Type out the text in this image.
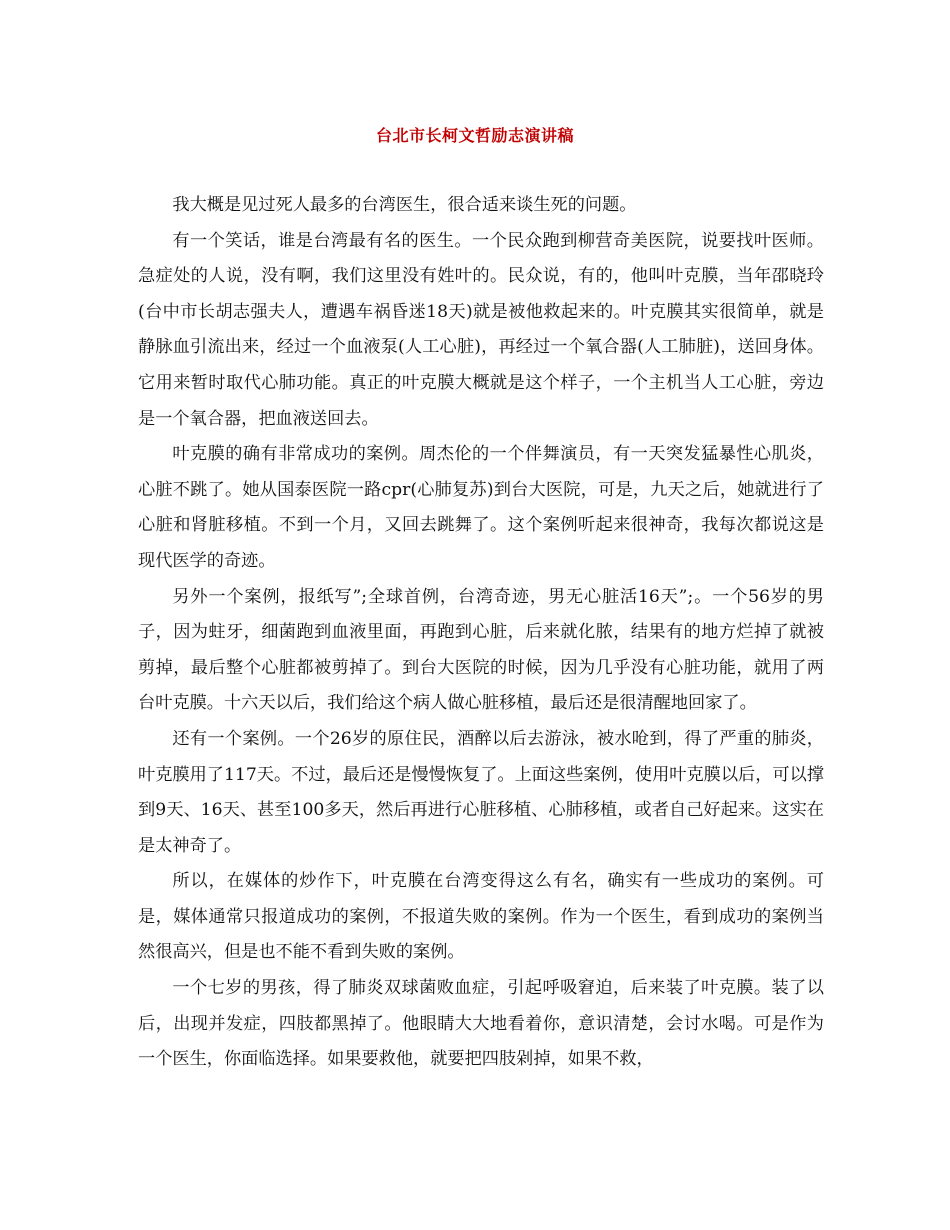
台北市长柯文哲励志演讲稿

我大概是见过死人最多的台湾医生，很合适来谈生死的问题。

有一个笑话，谁是台湾最有名的医生。一个民众跑到柳营奇美医院，说要找叶医师。急症处的人说，没有啊，我们这里没有姓叶的。民众说，有的，他叫叶克膜，当年邵晓玲(台中市长胡志强夫人，遭遇车祸昏迷18天)就是被他救起来的。叶克膜其实很简单，就是静脉血引流出来，经过一个血液泵(人工心脏)，再经过一个氧合器(人工肺脏)，送回身体。它用来暂时取代心肺功能。真正的叶克膜大概就是这个样子，一个主机当人工心脏，旁边是一个氧合器，把血液送回去。

叶克膜的确有非常成功的案例。周杰伦的一个伴舞演员，有一天突发猛暴性心肌炎，心脏不跳了。她从国泰医院一路cpr(心肺复苏)到台大医院，可是，九天之后，她就进行了心脏和肾脏移植。不到一个月，又回去跳舞了。这个案例听起来很神奇，我每次都说这是现代医学的奇迹。

另外一个案例，报纸写”;全球首例，台湾奇迹，男无心脏活16天”;。一个56岁的男子，因为蛀牙，细菌跑到血液里面，再跑到心脏，后来就化脓，结果有的地方烂掉了就被剪掉，最后整个心脏都被剪掉了。到台大医院的时候，因为几乎没有心脏功能，就用了两台叶克膜。十六天以后，我们给这个病人做心脏移植，最后还是很清醒地回家了。

还有一个案例。一个26岁的原住民，酒醉以后去游泳，被水呛到，得了严重的肺炎，叶克膜用了117天。不过，最后还是慢慢恢复了。上面这些案例，使用叶克膜以后，可以撑到9天、16天、甚至100多天，然后再进行心脏移植、心肺移植，或者自己好起来。这实在是太神奇了。

所以，在媒体的炒作下，叶克膜在台湾变得这么有名，确实有一些成功的案例。可是，媒体通常只报道成功的案例，不报道失败的案例。作为一个医生，看到成功的案例当然很高兴，但是也不能不看到失败的案例。

一个七岁的男孩，得了肺炎双球菌败血症，引起呼吸窘迫，后来装了叶克膜。装了以后，出现并发症，四肢都黑掉了。他眼睛大大地看着你，意识清楚，会讨水喝。可是作为一个医生，你面临选择。如果要救他，就要把四肢剁掉，如果不救，
